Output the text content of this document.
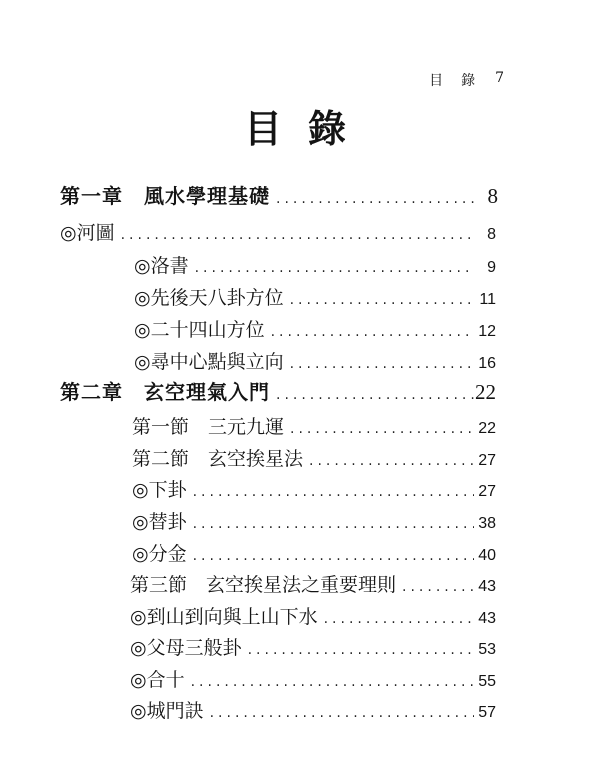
目　錄 7
目錄
第一章　風水學理基礎 .....	8
◎河圖 .....	8
◎洛書 .....	9
◎先後天八卦方位 .....	11
◎二十四山方位 .....	12
◎尋中心點與立向 .....	16
第二章　玄空理氣入門 .....	22
第一節　三元九運 .....	22
第二節　玄空挨星法 .....	27
◎下卦 .....	27
◎替卦 .....	38
◎分金 .....	40
第三節　玄空挨星法之重要理則 .....	43
◎到山到向與上山下水 .....	43
◎父母三般卦 .....	53
◎合十 .....	55
◎城門訣 .....	57
